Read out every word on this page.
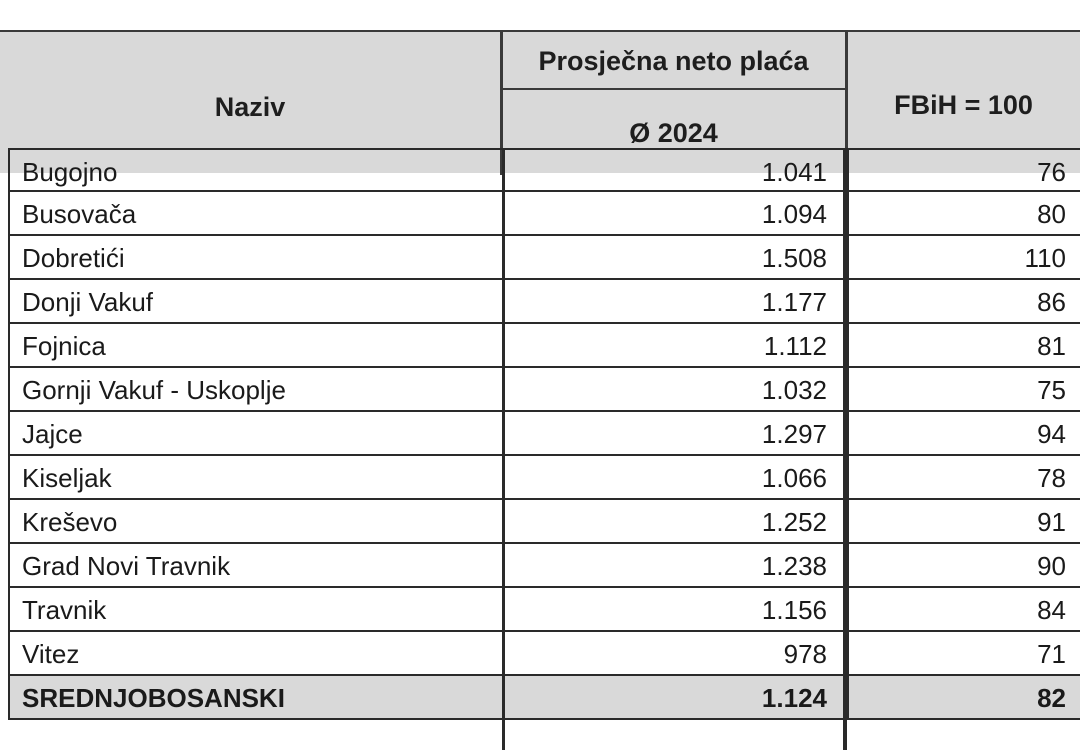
Naziv
Prosječna neto plaća
Ø 2024
FBiH = 100
Bugojno	1.041	76
Busovača	1.094	80
Dobretići	1.508	110
Donji Vakuf	1.177	86
Fojnica	1.112	81
Gornji Vakuf - Uskoplje	1.032	75
Jajce	1.297	94
Kiseljak	1.066	78
Kreševo	1.252	91
Grad Novi Travnik	1.238	90
Travnik	1.156	84
Vitez	978	71
SREDNJOBOSANSKI	1.124	82
